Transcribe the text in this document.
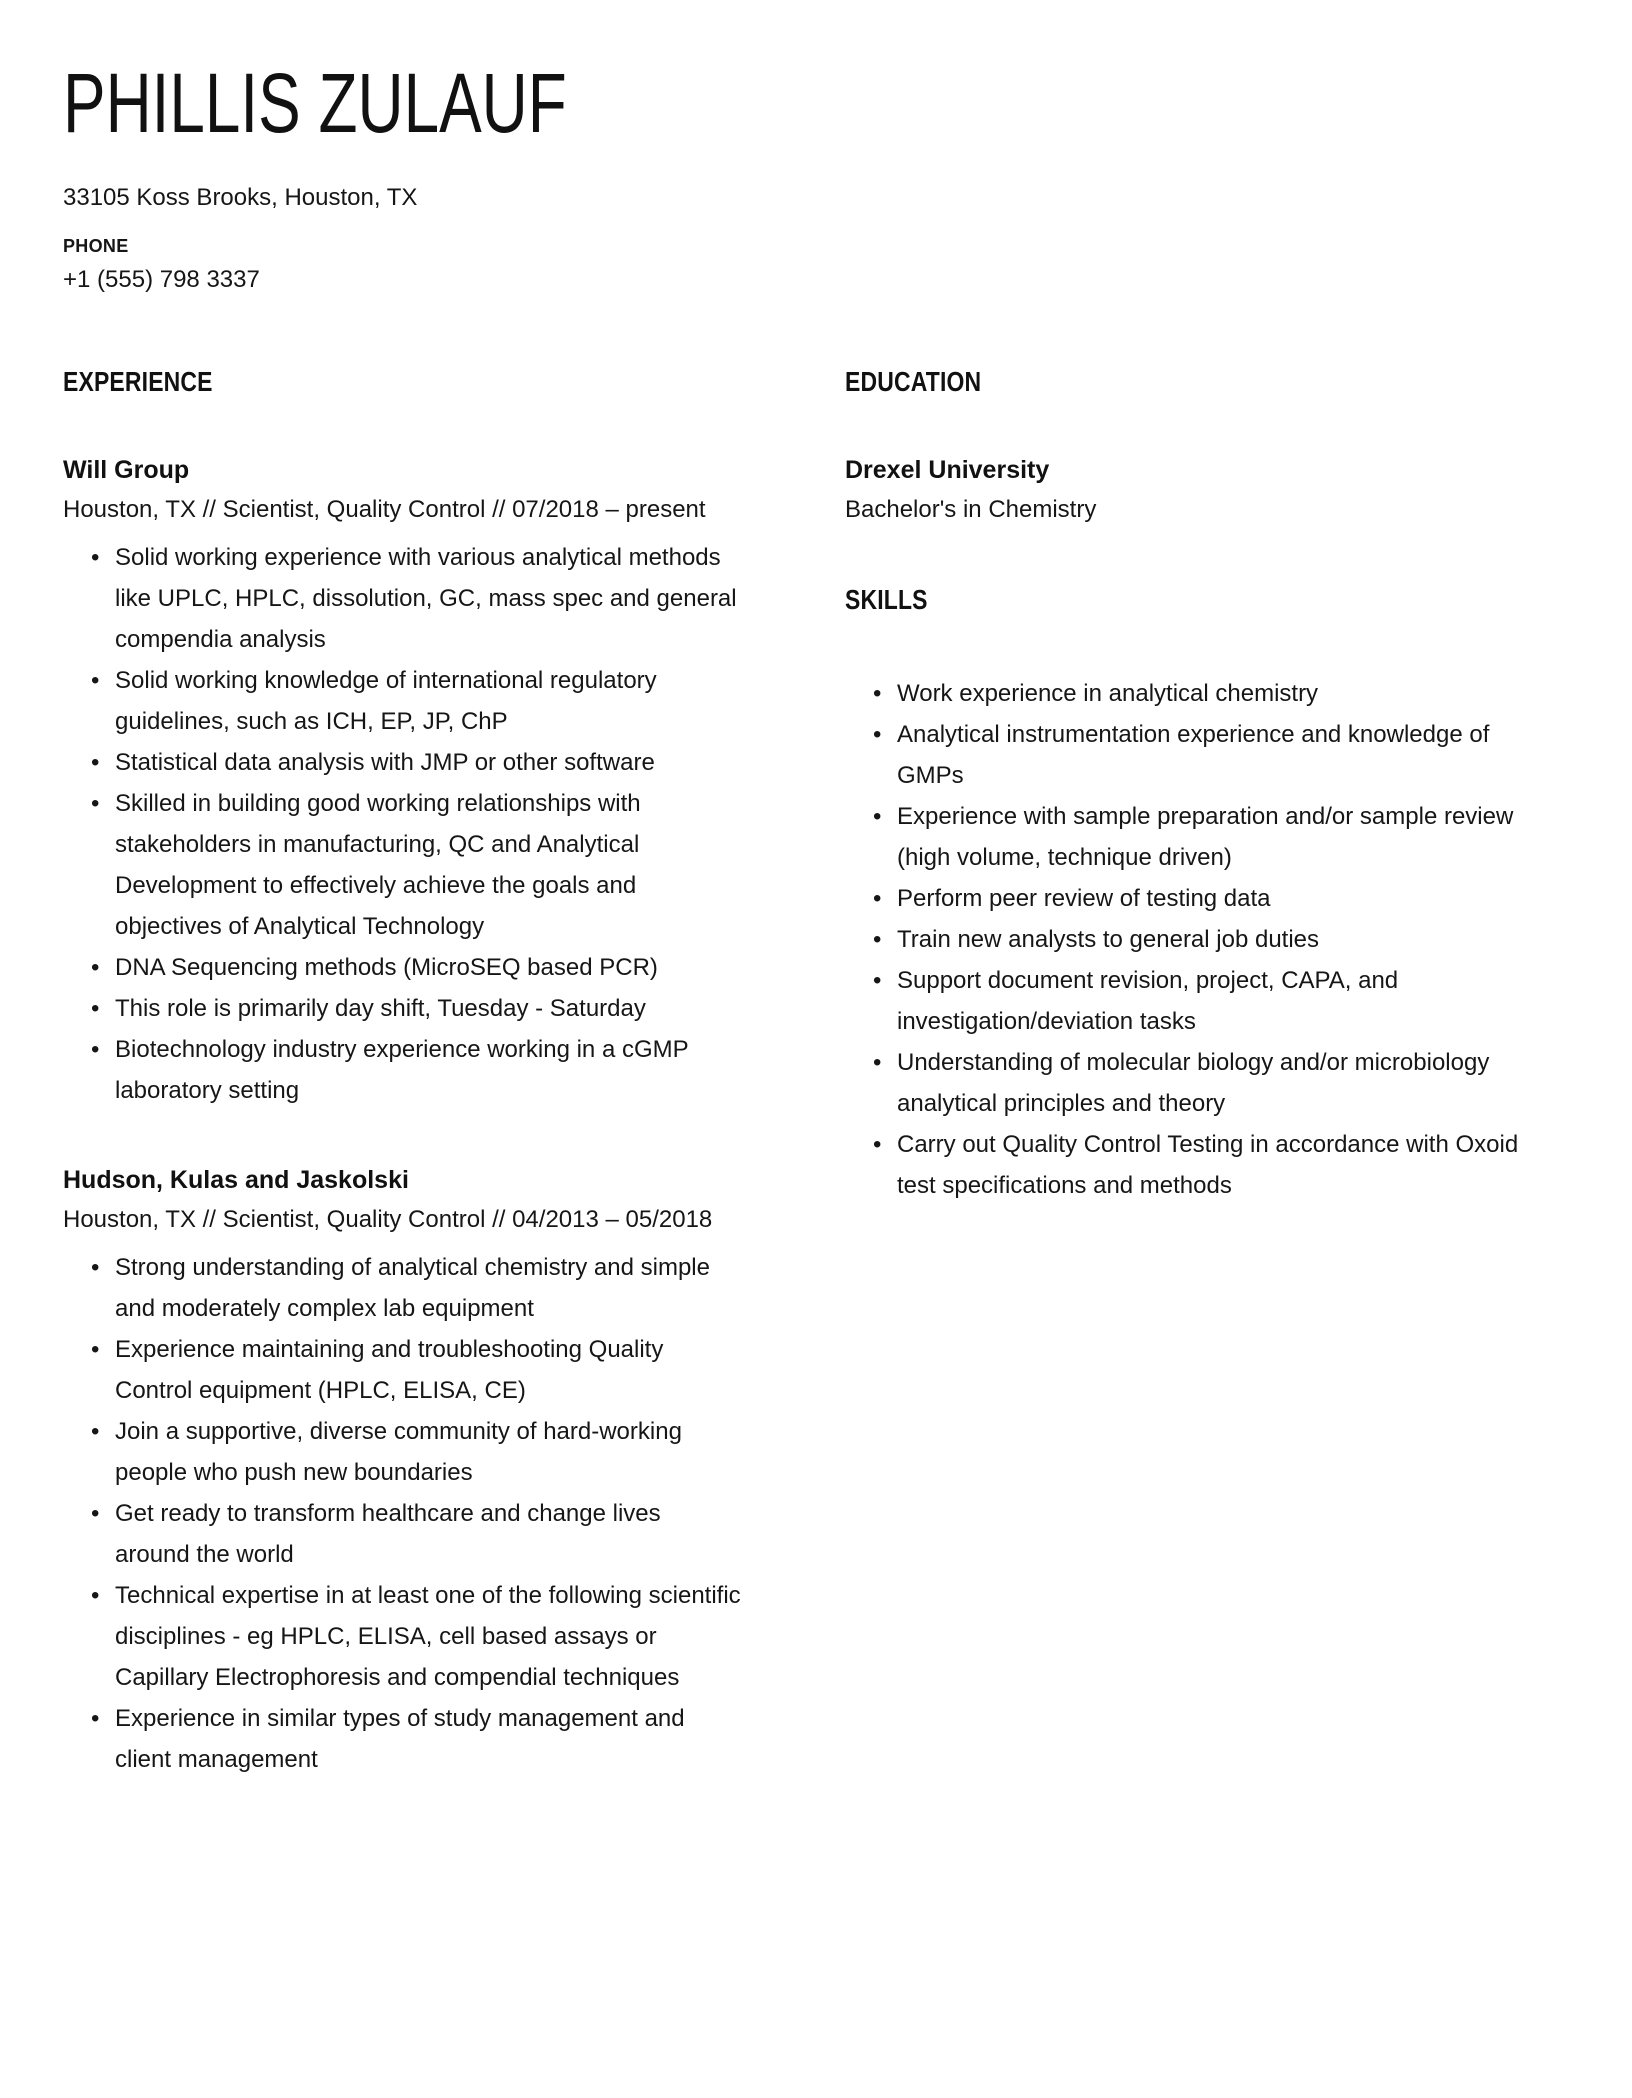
PHILLIS ZULAUF
33105 Koss Brooks, Houston, TX
PHONE
+1 (555) 798 3337
EXPERIENCE
Will Group
Houston, TX // Scientist, Quality Control // 07/2018 – present
• Solid working experience with various analytical methods like UPLC, HPLC, dissolution, GC, mass spec and general compendia analysis
• Solid working knowledge of international regulatory guidelines, such as ICH, EP, JP, ChP
• Statistical data analysis with JMP or other software
• Skilled in building good working relationships with stakeholders in manufacturing, QC and Analytical Development to effectively achieve the goals and objectives of Analytical Technology
• DNA Sequencing methods (MicroSEQ based PCR)
• This role is primarily day shift, Tuesday - Saturday
• Biotechnology industry experience working in a cGMP laboratory setting
Hudson, Kulas and Jaskolski
Houston, TX // Scientist, Quality Control // 04/2013 – 05/2018
• Strong understanding of analytical chemistry and simple and moderately complex lab equipment
• Experience maintaining and troubleshooting Quality Control equipment (HPLC, ELISA, CE)
• Join a supportive, diverse community of hard-working people who push new boundaries
• Get ready to transform healthcare and change lives around the world
• Technical expertise in at least one of the following scientific disciplines - eg HPLC, ELISA, cell based assays or Capillary Electrophoresis and compendial techniques
• Experience in similar types of study management and client management
EDUCATION
Drexel University
Bachelor's in Chemistry
SKILLS
• Work experience in analytical chemistry
• Analytical instrumentation experience and knowledge of GMPs
• Experience with sample preparation and/or sample review (high volume, technique driven)
• Perform peer review of testing data
• Train new analysts to general job duties
• Support document revision, project, CAPA, and investigation/deviation tasks
• Understanding of molecular biology and/or microbiology analytical principles and theory
• Carry out Quality Control Testing in accordance with Oxoid test specifications and methods
